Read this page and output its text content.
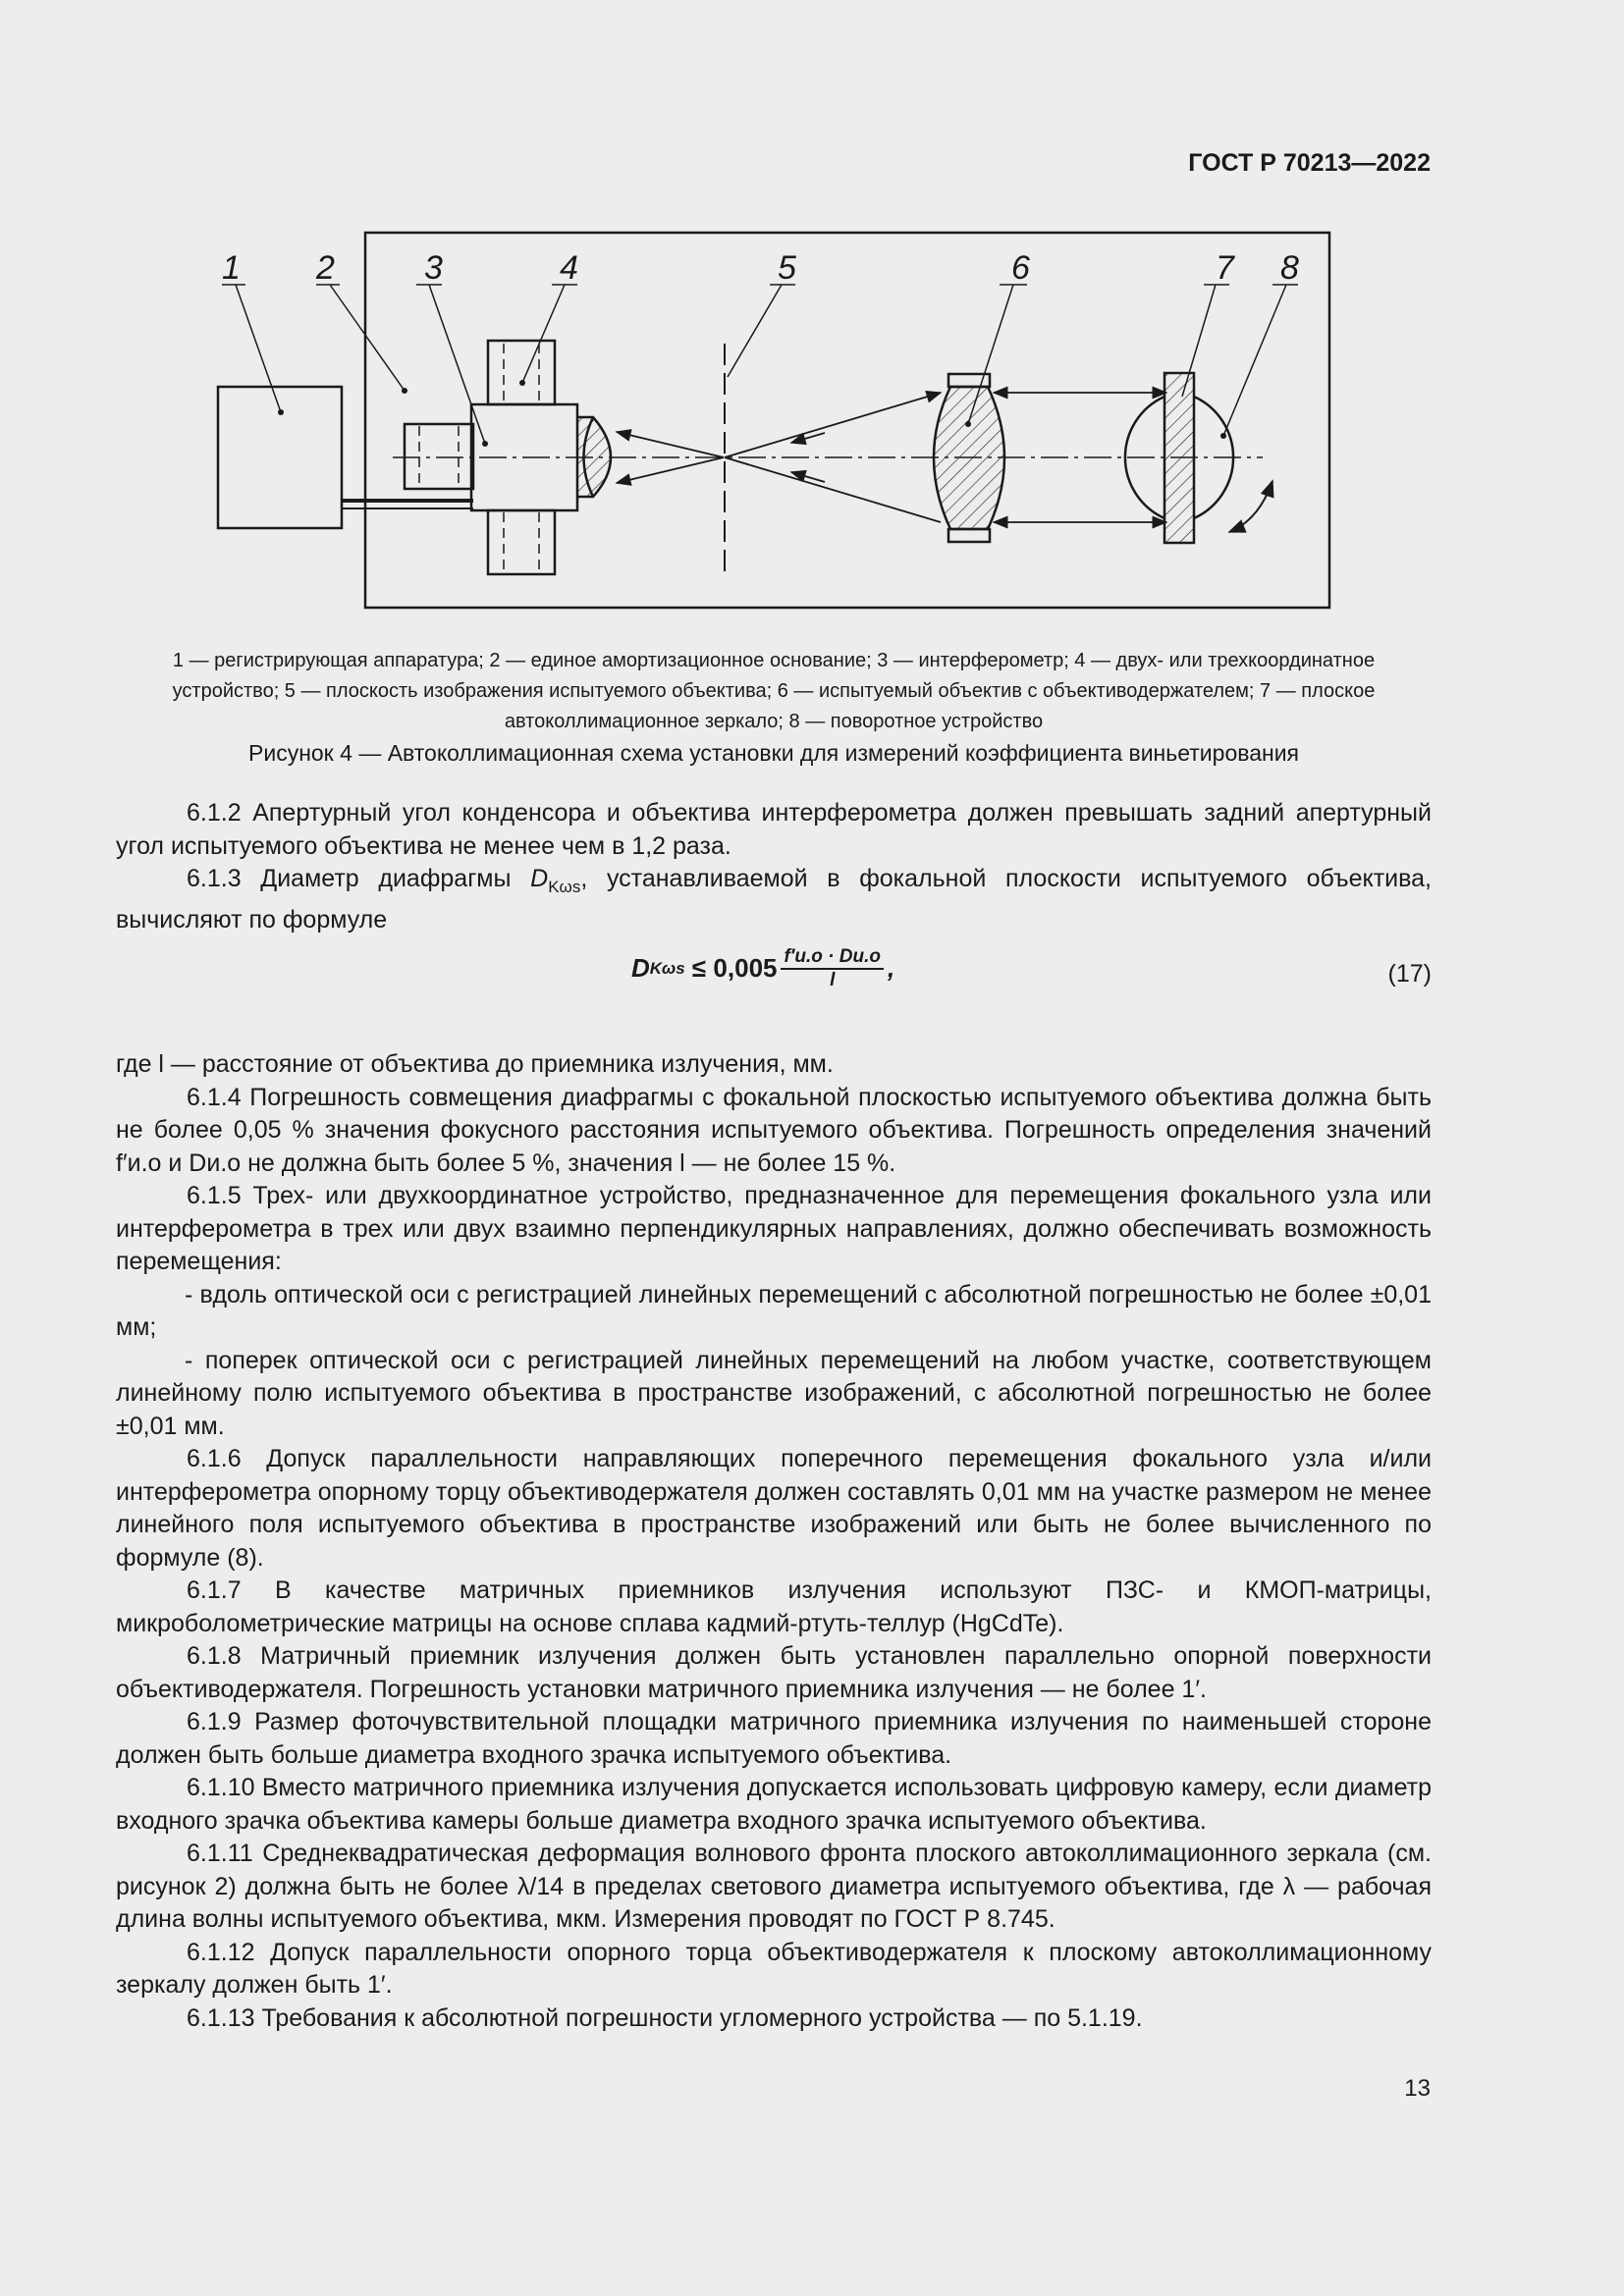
ГОСТ Р 70213—2022
1 2	3	4	5	6	7 8
1 — регистрирующая аппаратура; 2 — единое амортизационное основание; 3 — интерферометр; 4 — двух- или трехкоординатное
устройство; 5 — плоскость изображения испытуемого объектива; 6 — испытуемый объектив с объективодержателем; 7 — плоское
автоколлимационное зеркало; 8 — поворотное устройство
Рисунок 4 — Автоколлимационная схема установки для измерений коэффициента виньетирования

6.1.2 Апертурный угол конденсора и объектива интерферометра должен превышать задний апертурный угол испытуемого объектива не менее чем в 1,2 раза.

6.1.3 Диаметр диафрагмы $D_{K\omega s}$, устанавливаемой в фокальной плоскости испытуемого объектива, вычисляют по формуле

D $K\omega s \le 0,005 \frac{f'и.о \cdot Dи.о}{l}$ ,	(17)

где l — расстояние от объектива до приемника излучения, мм.

6.1.4 Погрешность совмещения диафрагмы с фокальной плоскостью испытуемого объектива должна быть не более 0,05 % значения фокусного расстояния испытуемого объектива. Погрешность определения значений f′и.о и Dи.о не должна быть более 5 %, значения l — не более 15 %.

6.1.5 Трех- или двухкоординатное устройство, предназначенное для перемещения фокального узла или интерферометра в трех или двух взаимно перпендикулярных направлениях, должно обеспечивать возможность перемещения:

- вдоль оптической оси с регистрацией линейных перемещений с абсолютной погрешностью не более ±0,01 мм;

- поперек оптической оси с регистрацией линейных перемещений на любом участке, соответствующем линейному полю испытуемого объектива в пространстве изображений, с абсолютной погрешностью не более ±0,01 мм.

6.1.6 Допуск параллельности направляющих поперечного перемещения фокального узла и/или интерферометра опорному торцу объективодержателя должен составлять 0,01 мм на участке размером не менее линейного поля испытуемого объектива в пространстве изображений или быть не более вычисленного по формуле (8).

6.1.7 В качестве матричных приемников излучения используют ПЗС- и КМОП-матрицы, микроболометрические матрицы на основе сплава кадмий-ртуть-теллур (HgCdTe).

6.1.8 Матричный приемник излучения должен быть установлен параллельно опорной поверхности объективодержателя. Погрешность установки матричного приемника излучения — не более 1′.

6.1.9 Размер фоточувствительной площадки матричного приемника излучения по наименьшей стороне должен быть больше диаметра входного зрачка испытуемого объектива.

6.1.10 Вместо матричного приемника излучения допускается использовать цифровую камеру, если диаметр входного зрачка объектива камеры больше диаметра входного зрачка испытуемого объектива.

6.1.11 Среднеквадратическая деформация волнового фронта плоского автоколлимационного зеркала (см. рисунок 2) должна быть не более λ/14 в пределах светового диаметра испытуемого объектива, где λ — рабочая длина волны испытуемого объектива, мкм. Измерения проводят по ГОСТ Р 8.745.

6.1.12 Допуск параллельности опорного торца объективодержателя к плоскому автоколлимационному зеркалу должен быть 1′.

6.1.13 Требования к абсолютной погрешности угломерного устройства — по 5.1.19.

13
